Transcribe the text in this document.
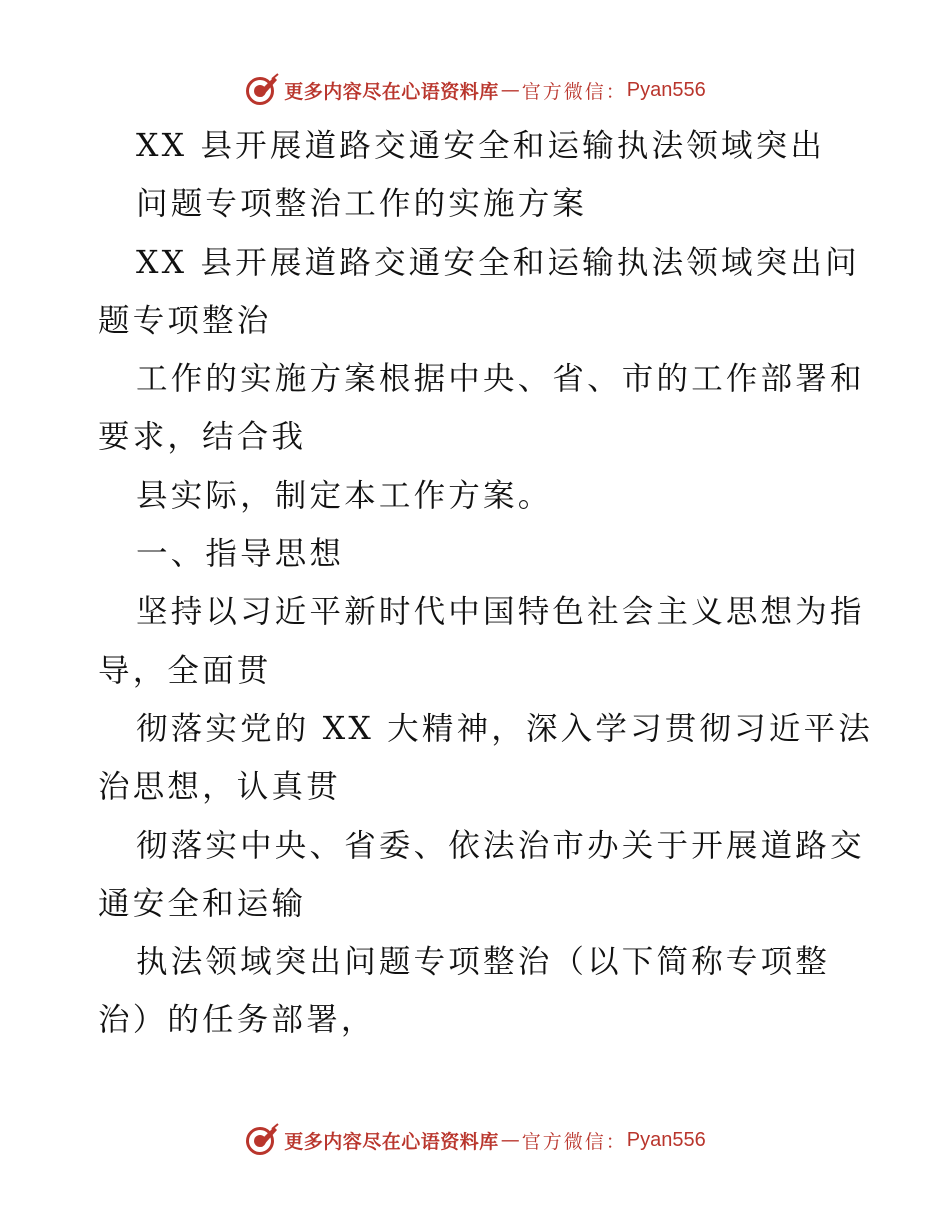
更多内容尽在心语资料库 — 官方微信： Pyan556
XX 县开展道路交通安全和运输执法领域突出
问题专项整治工作的实施方案
XX 县开展道路交通安全和运输执法领域突出问
题专项整治
工作的实施方案根据中央、省、市的工作部署和
要求，结合我
县实际，制定本工作方案。
一、指导思想
坚持以习近平新时代中国特色社会主义思想为指
导，全面贯
彻落实党的 XX 大精神，深入学习贯彻习近平法
治思想，认真贯
彻落实中央、省委、依法治市办关于开展道路交
通安全和运输
执法领域突出问题专项整治（以下简称专项整
治）的任务部署，
更多内容尽在心语资料库 — 官方微信： Pyan556
